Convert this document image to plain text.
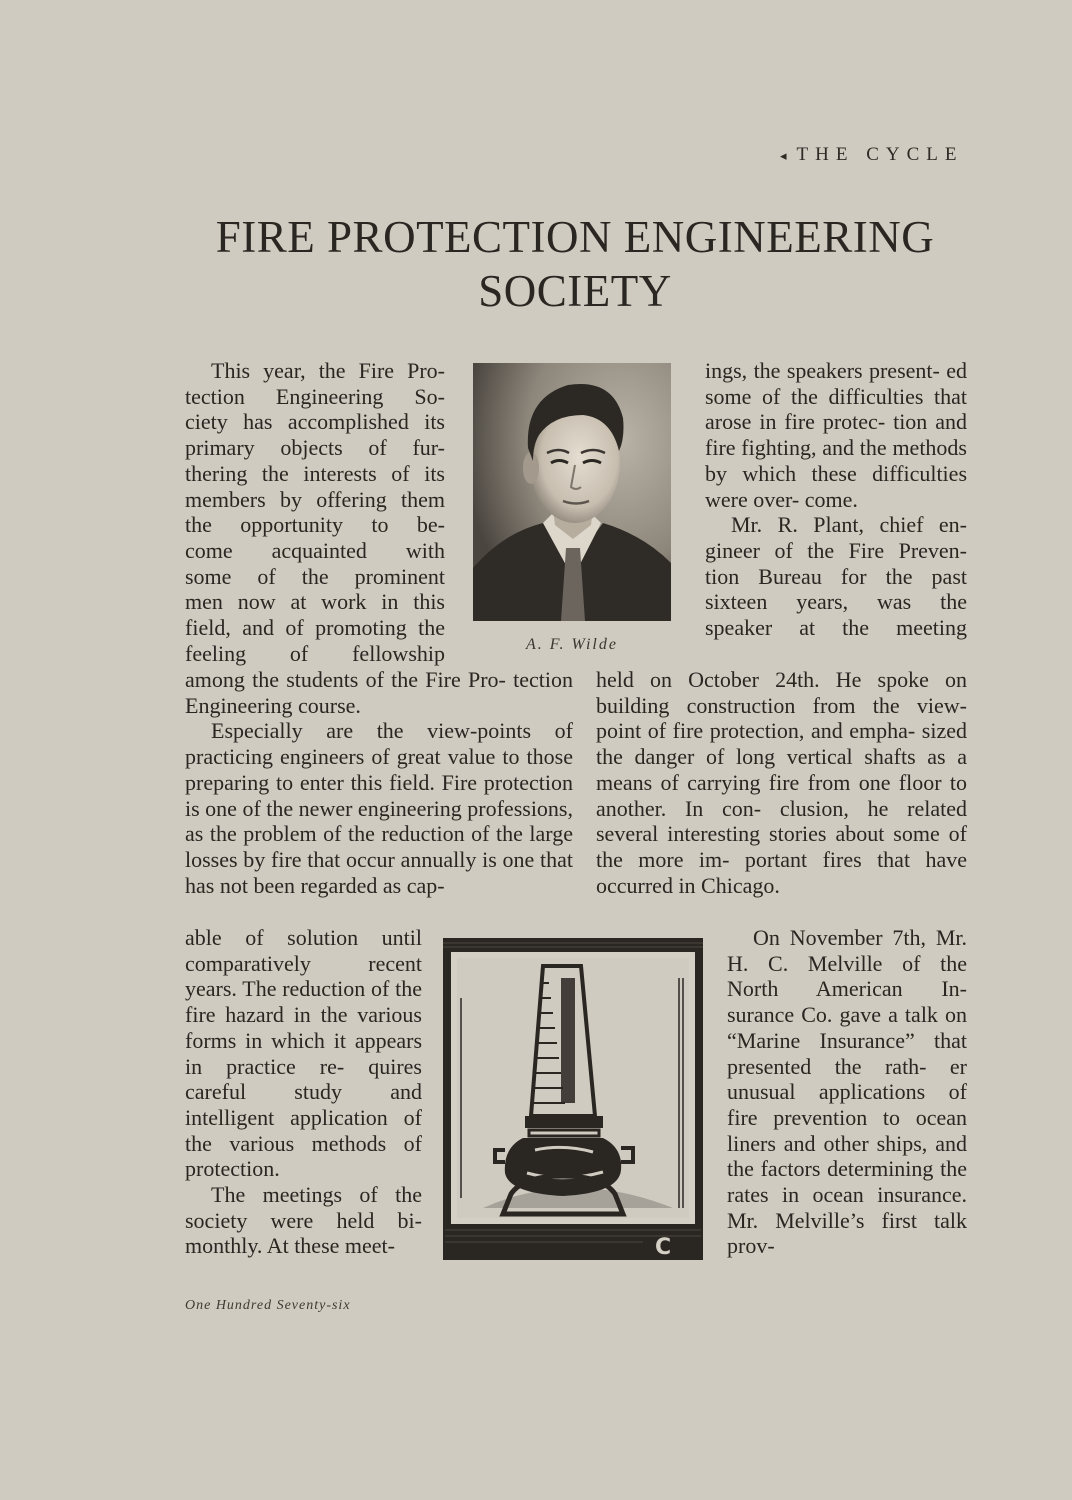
◂ THE CYCLE
FIRE PROTECTION ENGINEERING
SOCIETY

This year, the Fire Pro-

tection Engineering So-

ciety has accomplished its

primary objects of fur-

thering the interests of its

members by offering them

the opportunity to be-

come acquainted with

some of the prominent

men now at work in this

field, and of promoting the

feeling of fellowship	A. F. Wilde

among the students of the Fire Pro- tection Engineering course.

Especially are the view-points of practicing engineers of great value to those preparing to enter this field. Fire protection is one of the newer engineering professions, as the problem of the reduction of the large losses by fire that occur annually is one that has not been regarded as cap-

able of solution until comparatively recent years. The reduction of the fire hazard in the various forms in which it appears in practice re- quires careful study and intelligent application of the various methods of protection.

The meetings of the society were held bi- monthly. At these meet-	C

ings, the speakers present- ed some of the difficulties that arose in fire protec- tion and fire fighting, and the methods by which these difficulties were over- come.

Mr. R. Plant, chief en-

gineer of the Fire Preven-

tion Bureau for the past

sixteen years, was the

speaker at the meeting

held on October 24th. He spoke on building construction from the view- point of fire protection, and empha- sized the danger of long vertical shafts as a means of carrying fire from one floor to another. In con- clusion, he related several interesting stories about some of the more im- portant fires that have occurred in Chicago.

On November 7th, Mr. H. C. Melville of the North American In- surance Co. gave a talk on “Marine Insurance” that presented the rath- er unusual applications of fire prevention to ocean liners and other ships, and the factors determining the rates in ocean insurance. Mr. Melville’s first talk prov-

One Hundred Seventy-six
